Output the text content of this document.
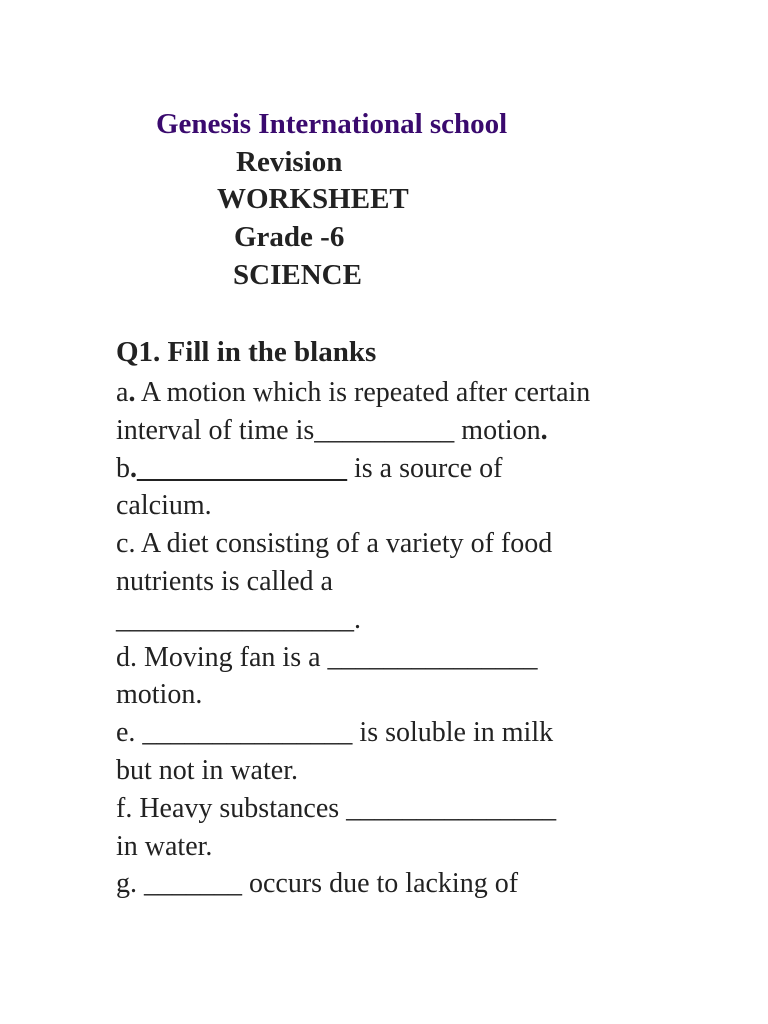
Genesis International school
Revision
WORKSHEET
Grade -6
SCIENCE
Q1. Fill in the blanks
a. A motion which is repeated after certain
interval of time is__________ motion.
b._______________ is a source of
calcium.
c. A diet consisting of a variety of food
nutrients is called a
_________________.
d. Moving fan is a _______________
motion.
e. _______________ is soluble in milk
but not in water.
f. Heavy substances _______________
in water.
g. _______ occurs due to lacking of
